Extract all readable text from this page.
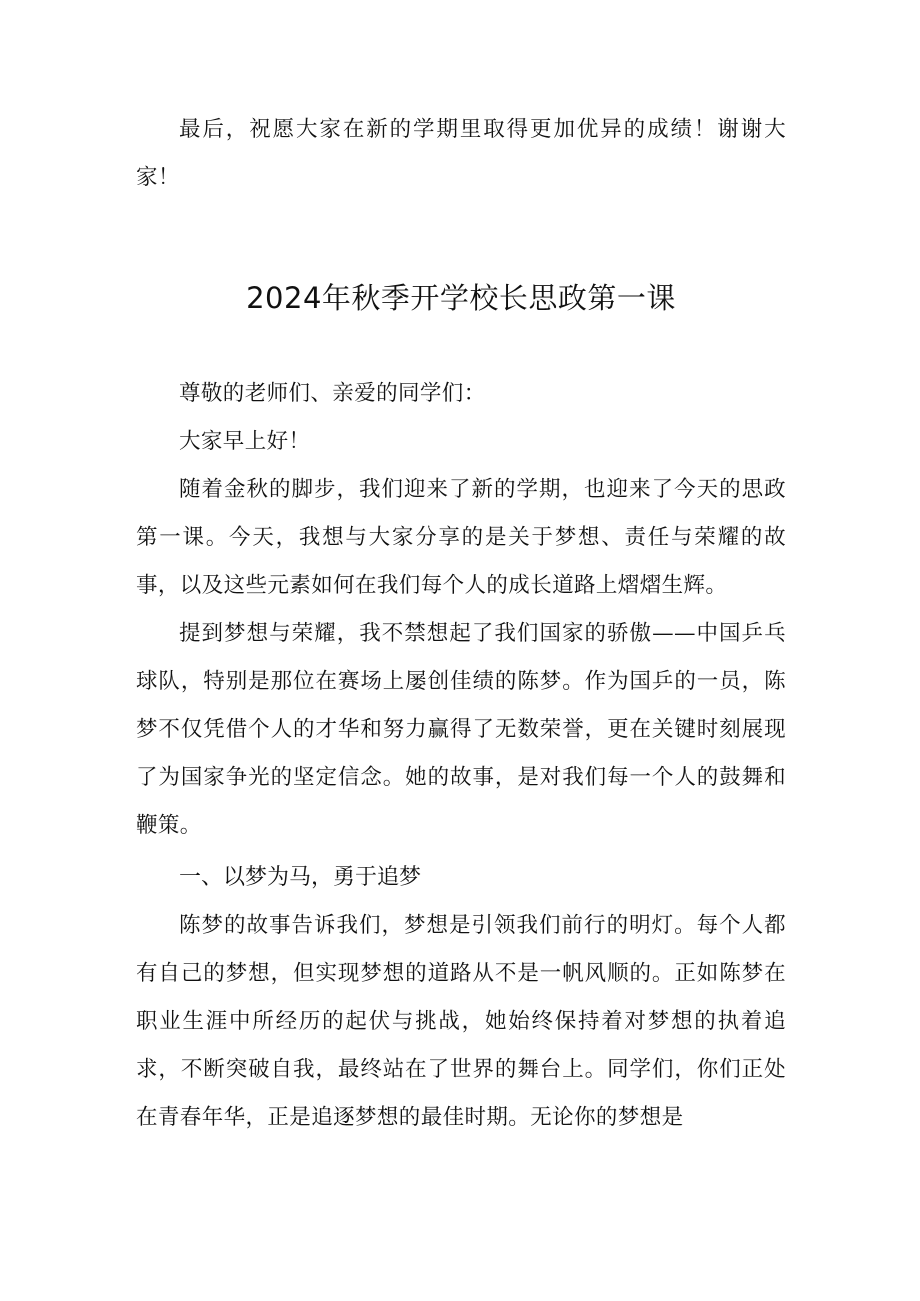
最后，祝愿大家在新的学期里取得更加优异的成绩！谢谢大家！

2024年秋季开学校长思政第一课

尊敬的老师们、亲爱的同学们：

大家早上好！

随着金秋的脚步，我们迎来了新的学期，也迎来了今天的思政第一课。今天，我想与大家分享的是关于梦想、责任与荣耀的故事，以及这些元素如何在我们每个人的成长道路上熠熠生辉。

提到梦想与荣耀，我不禁想起了我们国家的骄傲——中国乒乓球队，特别是那位在赛场上屡创佳绩的陈梦。作为国乒的一员，陈梦不仅凭借个人的才华和努力赢得了无数荣誉，更在关键时刻展现了为国家争光的坚定信念。她的故事，是对我们每一个人的鼓舞和鞭策。

一、以梦为马，勇于追梦

陈梦的故事告诉我们，梦想是引领我们前行的明灯。每个人都有自己的梦想，但实现梦想的道路从不是一帆风顺的。正如陈梦在职业生涯中所经历的起伏与挑战，她始终保持着对梦想的执着追求，不断突破自我，最终站在了世界的舞台上。同学们，你们正处在青春年华，正是追逐梦想的最佳时期。无论你的梦想是
